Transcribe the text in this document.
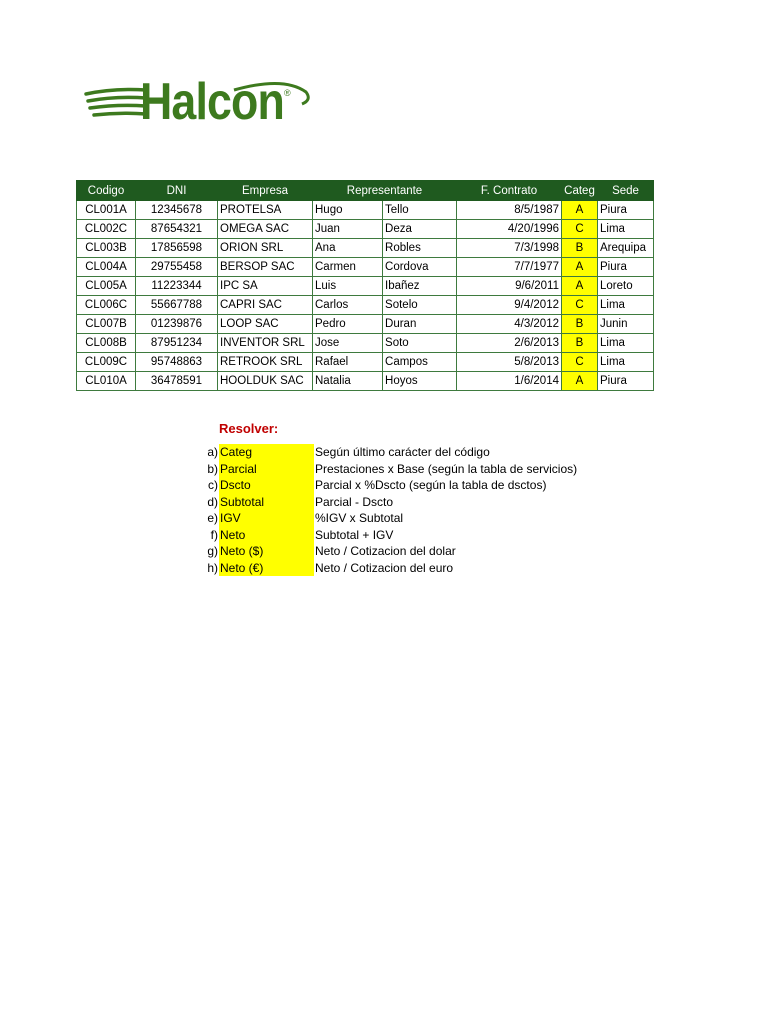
Halcon ®
Codigo	DNI	Empresa	Representante		F. Contrato	Categ	Sede
CL001A	12345678	PROTELSA	Hugo	Tello	8/5/1987	A	Piura
CL002C	87654321	OMEGA SAC	Juan	Deza	4/20/1996	C	Lima
CL003B	17856598	ORION SRL	Ana	Robles	7/3/1998	B	Arequipa
CL004A	29755458	BERSOP SAC	Carmen	Cordova	7/7/1977	A	Piura
CL005A	11223344	IPC SA	Luis	Ibañez	9/6/2011	A	Loreto
CL006C	55667788	CAPRI SAC	Carlos	Sotelo	9/4/2012	C	Lima
CL007B	01239876	LOOP SAC	Pedro	Duran	4/3/2012	B	Junin
CL008B	87951234	INVENTOR SRL	Jose	Soto	2/6/2013	B	Lima
CL009C	95748863	RETROOK SRL	Rafael	Campos	5/8/2013	C	Lima
CL010A	36478591	HOOLDUK SAC	Natalia	Hoyos	1/6/2014	A	Piura
Resolver:
a) Categ	Según último carácter del código
b) Parcial	Prestaciones x Base (según la tabla de servicios)
c) Dscto	Parcial x %Dscto (según la tabla de dsctos)
d) Subtotal	Parcial - Dscto
e) IGV	%IGV x Subtotal
f) Neto	Subtotal + IGV
g) Neto ($)	Neto / Cotizacion del dolar
h) Neto (€)	Neto / Cotizacion del euro
